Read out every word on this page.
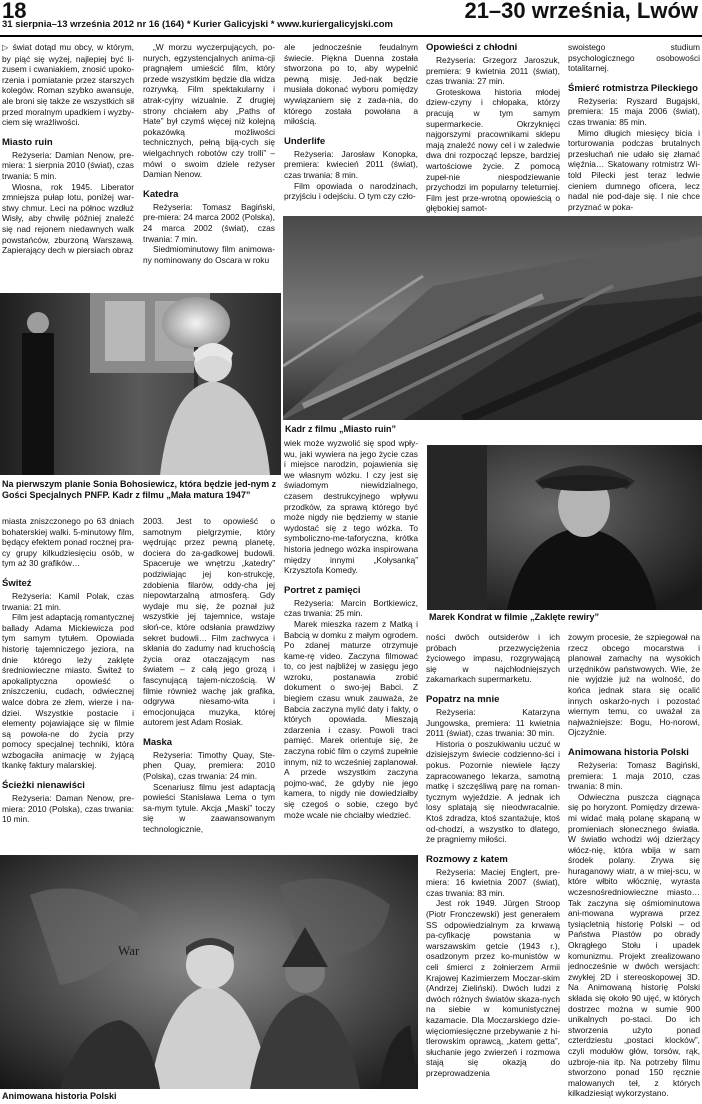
18
31 sierpnia–13 września 2012 nr 16 (164) * Kurier Galicyjski * www.kuriergalicyjski.com
21–30 września, Lwów

▷ świat dotąd mu obcy, w którym, by piąć się wyżej, najlepiej być li-zusem i cwaniakiem, znosić upoko-rzenia i pomiatanie przez starszych kolegów. Roman szybko awansuje, ale broni się także ze wszystkich sił przed moralnym upadkiem i wyzby-ciem się wrażliwości.

Miasto ruin

Reżyseria: Damian Nenow, pre-miera: 1 sierpnia 2010 (świat), czas trwania: 5 min.

Wiosna, rok 1945. Liberator zmniejsza pułap lotu, poniżej war-stwy chmur. Leci na północ wzdłuż Wisły, aby chwilę później znaleźć się nad rejonem niedawnych walk powstańców, zburzoną Warszawą. Zapierający dech w piersiach obraz

„W morzu wyczerpujących, po-nurych, egzystencjalnych anima-cji pragnąłem umieścić film, który przede wszystkim będzie dla widza rozrywką. Film spektakularny i atrak-cyjny wizualnie. Z drugiej strony chciałem aby „Paths of Hate” był czymś więcej niż kolejną pokazówką możliwości technicznych, pełną biją-cych się wielgachnych robotów czy trolli” – mówi o swoim dziele reżyser Damian Nenow.

Katedra

Reżyseria: Tomasz Bagiński, pre-miera: 24 marca 2002 (Polska), 24 marca 2002 (świat), czas trwania: 7 min.

Siedmiominutowy film animowa-ny nominowany do Oscara w roku

ale jednocześnie feudalnym świecie. Piękna Duenna została stworzona po to, aby wypełnić pewną misję. Jed-nak będzie musiała dokonać wyboru pomiędzy wywiązaniem się z zada-nia, do którego została powołana a miłością.

Underlife

Reżyseria: Jarosław Konopka, premiera: kwiecień 2011 (świat), czas trwania: 8 min.

Film opowiada o narodzinach, przyjściu i odejściu. O tym czy czło-

Opowieści z chłodni

Reżyseria: Grzegorz Jaroszuk, premiera: 9 kwietnia 2011 (świat), czas trwania: 27 min.

Groteskowa historia młodej dziew-czyny i chłopaka, którzy pracują w tym samym supermarkecie. Okrzyknięci najgorszymi pracownikami sklepu mają znaleźć nowy cel i w zaledwie dwa dni rozpocząć lepsze, bardziej wartościowe życie. Z pomocą zupeł-nie niespodziewanie przychodzi im popularny teleturniej. Film jest prze-wrotną opowieścią o głębokiej samot-

swoistego studium psychologicznego osobowości totalitarnej.

Śmierć rotmistrza Pileckiego

Reżyseria: Ryszard Bugajski, premiera: 15 maja 2006 (świat), czas trwania: 85 min.

Mimo długich miesięcy bicia i torturowania podczas brutalnych przesłuchań nie udało się złamać więźnia… Skatowany rotmistrz Wi-told Pilecki jest teraz ledwie cieniem dumnego oficera, lecz nadal nie pod-daje się. I nie chce przyznać w poka-

Na pierwszym planie Sonia Bohosiewicz, która będzie jed-nym z Gości Specjalnych PNFP. Kadr z filmu „Mała matura 1947”
Kadr z filmu „Miasto ruin”
Marek Kondrat w filmie „Zaklęte rewiry”

miasta zniszczonego po 63 dniach bohaterskiej walki. 5-minutowy film, będący efektem ponad rocznej pra-cy grupy kilkudziesięciu osób, w tym aż 30 grafików…

Świteź

Reżyseria: Kamil Polak, czas trwania: 21 min.

Film jest adaptacją romantycznej ballady Adama Mickiewicza pod tym samym tytułem. Opowiada historię tajemniczego jeziora, na dnie którego leży zaklęte średniowieczne miasto. Świteź to apokaliptyczna opowieść o zniszczeniu, cudach, odwiecznej walce dobra ze złem, wierze i na-dziei. Wszystkie postacie i elementy pojawiające się w filmie są powoła-ne do życia przy pomocy specjalnej techniki, która wzbogaciła animację w żyjącą tkankę faktury malarskiej.

Ścieżki nienawiści

Reżyseria: Daman Nenow, pre-miera: 2010 (Polska), czas trwania: 10 min.

2003. Jest to opowieść o samotnym pielgrzymie, który wędrując przez pewną planetę, dociera do za-gadkowej budowli. Spaceruje we wnętrzu „katedry” podziwiając jej kon-strukcję, zdobienia filarów, oddy-cha jej niepowtarzalną atmosferą. Gdy wydaje mu się, że poznał już wszystkie jej tajemnice, wstaje słoń-ce, które odsłania prawdziwy sekret budowli… Film zachwyca i skłania do zadumy nad kruchością życia oraz otaczającym nas światem – z całą jego grozą i fascynującą tajem-niczością. W filmie również wachę jak grafika, odgrywa niesamo-wita i emocjonująca muzyka, której autorem jest Adam Rosiak.

Maska

Reżyseria: Timothy Quay, Ste-phen Quay, premiera: 2010 (Polska), czas trwania: 24 min.

Scenariusz filmu jest adaptacją powieści Stanisława Lema o tym sa-mym tytule. Akcja „Maski” toczy się w zaawansowanym technologicznie,

wiek może wyzwolić się spod wpły-wu, jaki wywiera na jego życie czas i miejsce narodzin, pojawienia się we własnym wózku. I czy jest się świadomym niewidzialnego, czasem destrukcyjnego wpływu przodków, za sprawą którego być może nigdy nie będziemy w stanie wydostać się z tego wózka. To symboliczno-me-taforyczna, krótka historia jednego wózka inspirowana między innymi „Kołysanką” Krzysztofa Komedy.

Portret z pamięci

Reżyseria: Marcin Bortkiewicz, czas trwania: 25 min.

Marek mieszka razem z Matką i Babcią w domku z małym ogrodem. Po zdanej maturze otrzymuje kame-rę video. Zaczyna filmować to, co jest najbliżej w zasięgu jego wzroku, postanawia zrobić dokument o swo-jej Babci. Z biegiem czasu wnuk zauważa, że Babcia zaczyna mylić daty i fakty, o których opowiada. Mieszają zdarzenia i czasy. Powoli traci pamięć. Marek orientuje się, że zaczyna robić film o czymś zupełnie innym, niż to wcześniej zaplanował. A przede wszystkim zaczyna pojmo-wać, że gdyby nie jego kamera, to nigdy nie dowiedziałby się czegoś o sobie, czego być może wcale nie chciałby wiedzieć.

ności dwóch outsiderów i ich próbach przezwyciężenia życiowego impasu, rozgrywającą się w najchłodniejszych zakamarkach supermarketu.

Popatrz na mnie

Reżyseria: Katarzyna Jungowska, premiera: 11 kwietnia 2011 (świat), czas trwania: 30 min.

Historia o poszukiwaniu uczuć w dzisiejszym świecie codzienno-ści i pokus. Pozornie niewiele łączy zapracowanego lekarza, samotną matkę i szczęśliwą parę na roman-tycznym wyjeździe. A jednak ich losy splatają się nieodwracalnie. Ktoś zdradza, ktoś szantażuje, ktoś od-chodzi, a wszystko to dlatego, że pragniemy miłości.

Rozmowy z katem

Reżyseria: Maciej Englert, pre-miera: 16 kwietnia 2007 (świat), czas trwania: 83 min.

Jest rok 1949. Jürgen Stroop (Piotr Fronczewski) jest generałem SS odpowiedzialnym za krwawą pa-cyfikację powstania w warszawskim getcie (1943 r.), osadzonym przez ko-munistów w celi śmierci z żołnierzem Armii Krajowej Kazimierzem Moczar-skim (Andrzej Zieliński). Dwóch ludzi z dwóch różnych światów skaza-nych na siebie w komunistycznej kazamacie. Dla Moczarskiego dzie-więciomiesięczne przebywanie z hi-tlerowskim oprawcą, „katem getta”, słuchanie jego zwierzeń i rozmowa stają się okazją do przeprowadzenia

zowym procesie, że szpiegował na rzecz obcego mocarstwa i planował zamachy na wysokich urzędników państwowych. Wie, że nie wyjdzie już na wolność, do końca jednak stara się ocalić innych oskarżo-nych i pozostać wiernym temu, co uważał za najważniejsze: Bogu, Ho-norowi, Ojczyźnie.

Animowana historia Polski

Reżyseria: Tomasz Bagiński, premiera: 1 maja 2010, czas trwania: 8 min.

Odwieczna puszcza ciągnąca się po horyzont. Pomiędzy drzewa-mi widać małą polanę skąpaną w promieniach słonecznego światła. W światło wchodzi wój dzierżący włócz-nię, która wbija w sam środek polany. Zrywa się huraganowy wiatr, a w miej-scu, w które włbito włócznię, wyrasta wczesnośredniowieczne miasto… Tak zaczyna się ośmiominutowa ani-mowana wyprawa przez tysiącletnią historię Polski – od Państwa Piastów po obrady Okrągłego Stołu i upadek komunizmu. Projekt zrealizowano jednocześnie w dwóch wersjach: zwykłej 2D i stereoskopowej 3D. Na Animowaną historię Polski składa się około 90 ujęć, w których dostrzec można w sumie 900 unikalnych po-staci. Do ich stworzenia użyto ponad czterdziestu „postaci klocków”, czyli modułów głów, torsów, rąk, uzbroje-nia itp. Na potrzeby filmu stworzono ponad 150 ręcznie malowanych teł, z których kilkadziesiąt wykorzystano.

War
Animowana historia Polski
